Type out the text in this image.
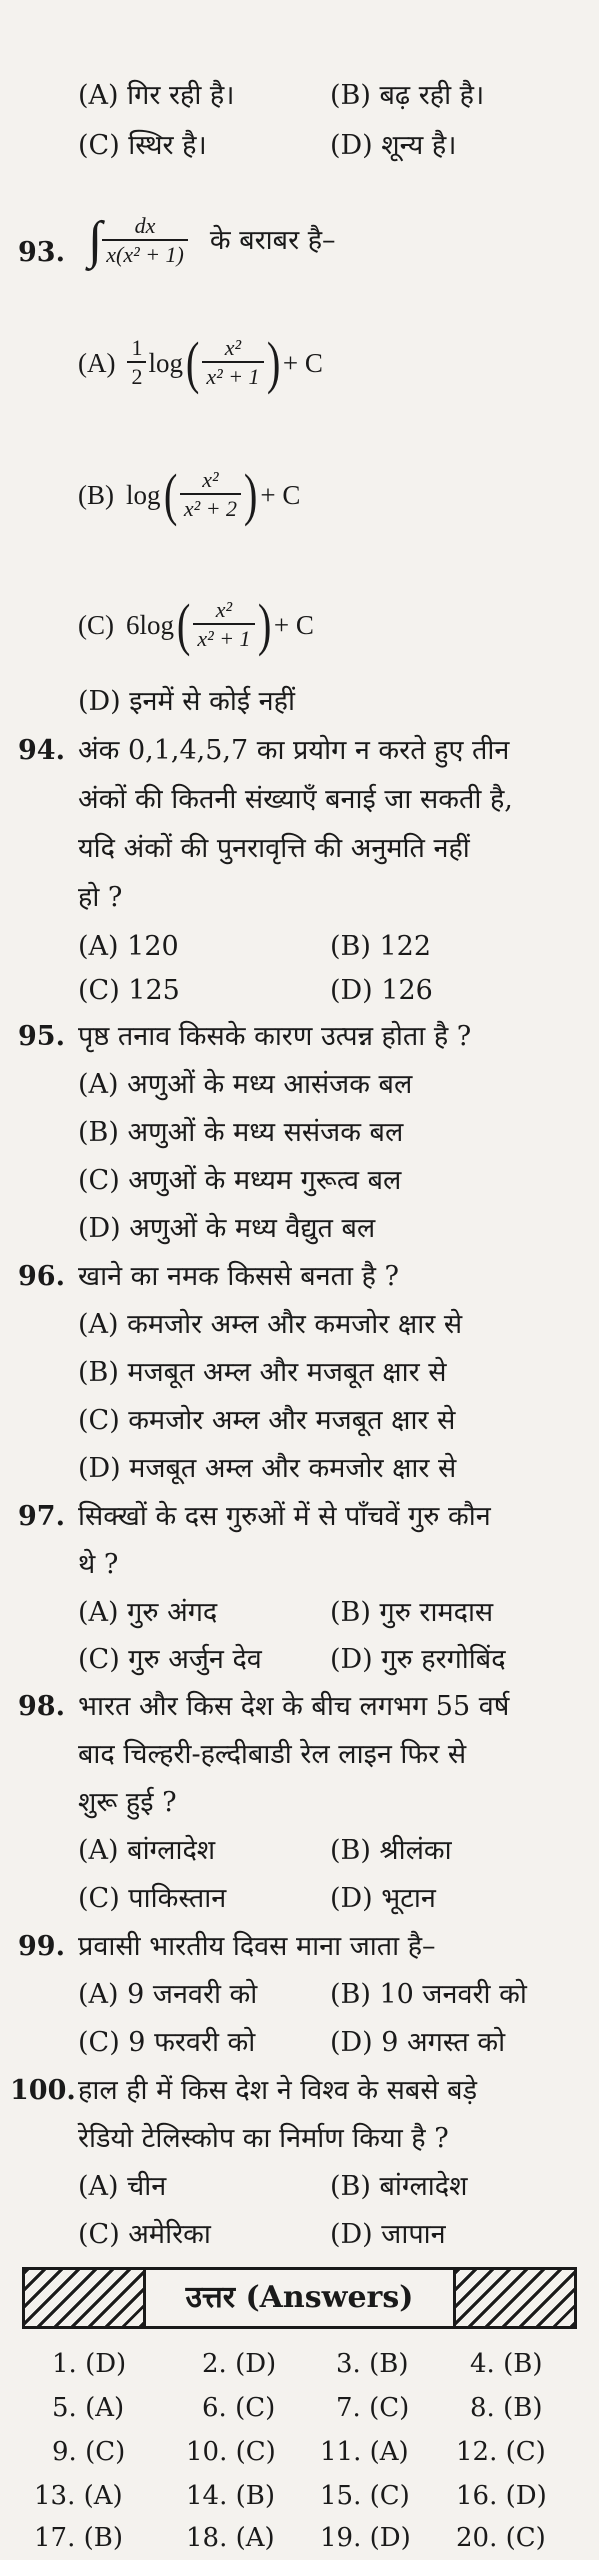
(A) गिर रही है।	(B) बढ़ रही है।
(C) स्थिर है।	(D) शून्य है।
93. ∫ $\frac{dx}{\text{x(x² + 1)}}$ के बराबर है–
$(A) \frac{1}{2}$ log ( $\frac{\text{x²}}{\text{x² + 1}}$ ) + C
(B) log ( $\frac{\text{x²}}{\text{x² + 2}}$ ) + C
(C) 6log ( $\frac{\text{x²}}{\text{x² + 1}}$ ) + C
(D) इनमें से कोई नहीं
94. अंक 0,1,4,5,7 का प्रयोग न करते हुए तीन
अंकों की कितनी संख्याएँ बनाई जा सकती है,
यदि अंकों की पुनरावृत्ति की अनुमति नहीं
हो ?
(A) 120	(B) 122
(C) 125	(D) 126
95. पृष्ठ तनाव किसके कारण उत्पन्न होता है ?
(A) अणुओं के मध्य आसंजक बल
(B) अणुओं के मध्य ससंजक बल
(C) अणुओं के मध्यम गुरूत्व बल
(D) अणुओं के मध्य वैद्युत बल
96. खाने का नमक किससे बनता है ?
(A) कमजोर अम्ल और कमजोर क्षार से
(B) मजबूत अम्ल और मजबूत क्षार से
(C) कमजोर अम्ल और मजबूत क्षार से
(D) मजबूत अम्ल और कमजोर क्षार से
97. सिक्खों के दस गुरुओं में से पाँचवें गुरु कौन
थे ?
(A) गुरु अंगद	(B) गुरु रामदास
(C) गुरु अर्जुन देव	(D) गुरु हरगोबिंद
98. भारत और किस देश के बीच लगभग 55 वर्ष
बाद चिल्हरी-हल्दीबाडी रेल लाइन फिर से
शुरू हुई ?
(A) बांग्लादेश	(B) श्रीलंका
(C) पाकिस्तान	(D) भूटान
99. प्रवासी भारतीय दिवस माना जाता है–
(A) 9 जनवरी को	(B) 10 जनवरी को
(C) 9 फरवरी को	(D) 9 अगस्त को
100. हाल ही में किस देश ने विश्व के सबसे बड़े
रेडियो टेलिस्कोप का निर्माण किया है ?
(A) चीन	(B) बांग्लादेश
(C) अमेरिका	(D) जापान
उत्तर (Answers)
1. (D)	2. (D) 3. (B) 4. (B)
5. (A)	6. (C) 7. (C) 8. (B)
9. (C) 10. (C) 11. (A) 12. (C)
13. (A) 14. (B) 15. (C) 16. (D)
17. (B) 18. (A) 19. (D) 20. (C)
